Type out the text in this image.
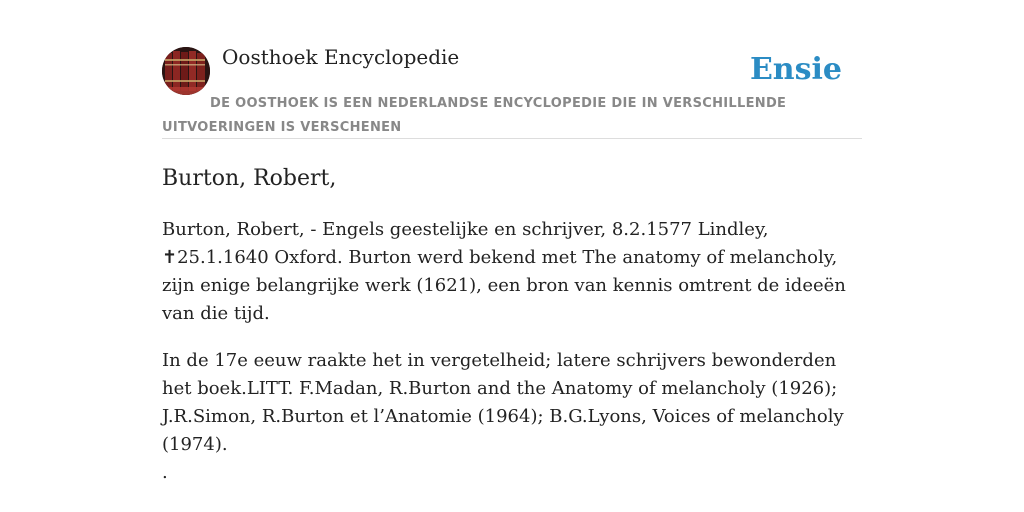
Oosthoek Encyclopedie	Ensie
DE OOSTHOEK IS EEN NEDERLANDSE ENCYCLOPEDIE DIE IN VERSCHILLENDE UITVOERINGEN IS VERSCHENEN
Burton, Robert,

Burton, Robert, - Engels geestelijke en schrijver, 8.2.1577 Lindley, ✝25.1.1640 Oxford. Burton werd bekend met The anatomy of melancholy, zijn enige belangrijke werk (1621), een bron van kennis omtrent de ideeën van die tijd.

In de 17e eeuw raakte het in vergetelheid; latere schrijvers bewonderden het boek.LITT. F.Madan, R.Burton and the Anatomy of melancholy (1926); J.R.Simon, R.Burton et l’Anatomie (1964); B.G.Lyons, Voices of melancholy (1974).

.
